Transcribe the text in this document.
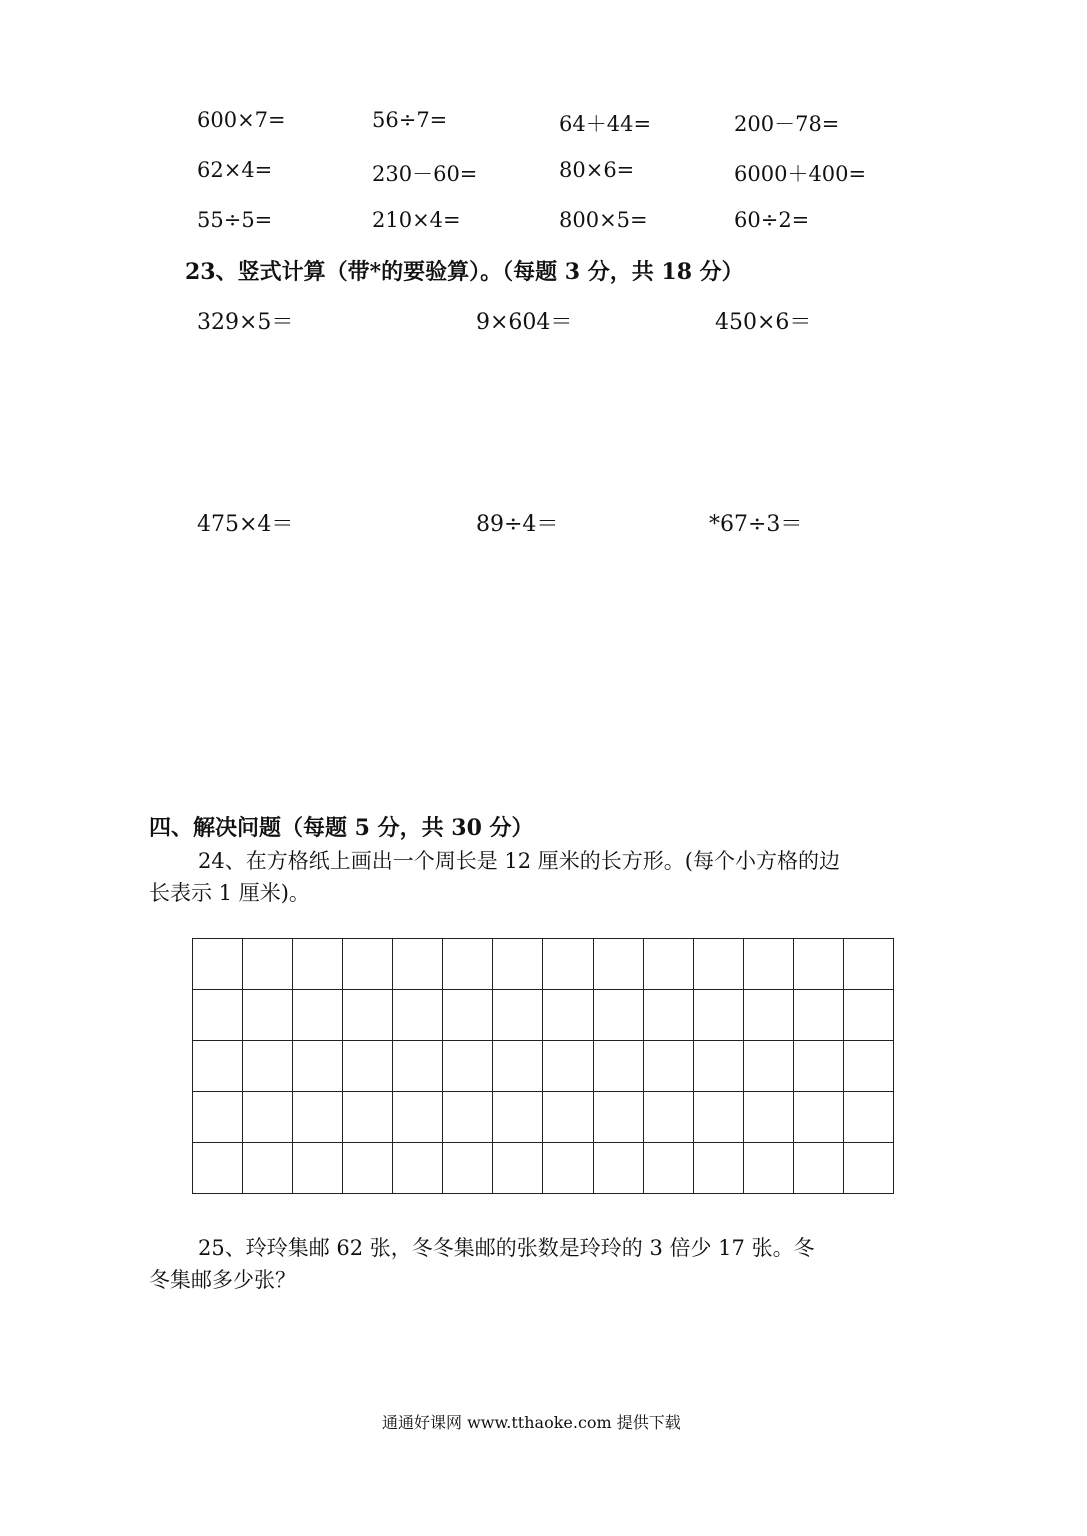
600×7=	56÷7=	64＋44=	200－78=
62×4=	230－60=	80×6=	6000＋400=
55÷5=	210×4=	800×5=	60÷2=
23、竖式计算（带*的要验算）。（每题 3 分，共 18 分）
329×5＝	9×604＝	450×6＝
475×4＝	89÷4＝	*67÷3＝
四、解决问题（每题 5 分，共 30 分）
24、在方格纸上画出一个周长是 12 厘米的长方形。(每个小方格的边
长表示 1 厘米)。

25、玲玲集邮 62 张，冬冬集邮的张数是玲玲的 3 倍少 17 张。冬
冬集邮多少张？
通通好课网 www.tthaoke.com 提供下载
